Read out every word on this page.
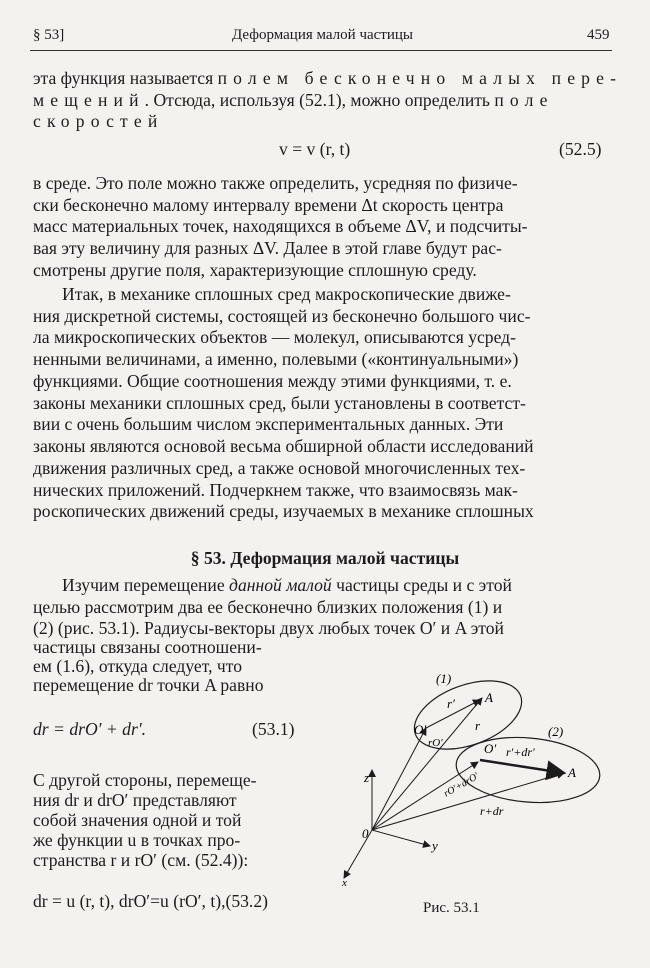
§ 53]	Деформация малой частицы	459
эта функция называется полем бесконечно малых пере-
мещений. Отсюда, используя (52.1), можно определить поле
скоростей
v = v (r, t)	(52.5)
в среде. Это поле можно также определить, усредняя по физиче-
ски бесконечно малому интервалу времени Δt скорость центра
масс материальных точек, находящихся в объеме ΔV, и подсчиты-
вая эту величину для разных ΔV. Далее в этой главе будут рас-
смотрены другие поля, характеризующие сплошную среду.
Итак, в механике сплошных сред макроскопические движе-
ния дискретной системы, состоящей из бесконечно большого чис-
ла микроскопических объектов — молекул, описываются усред-
ненными величинами, а именно, полевыми («континуальными»)
функциями. Общие соотношения между этими функциями, т. е.
законы механики сплошных сред, были установлены в соответст-
вии с очень большим числом экспериментальных данных. Эти
законы являются основой весьма обширной области исследований
движения различных сред, а также основой многочисленных тех-
нических приложений. Подчеркнем также, что взаимосвязь мак-
роскопических движений среды, изучаемых в механике сплошных
§ 53. Деформация малой частицы
Изучим перемещение данной малой частицы среды и с этой
целью рассмотрим два ее бесконечно близких положения (1) и
(2) (рис. 53.1). Радиусы-векторы двух любых точек O′ и A этой
частицы связаны соотношени-
ем (1.6), откуда следует, что
перемещение dr точки A равно
dr = drO′ + dr′.	(53.1)
С другой стороны, перемеще-
ния dr и drO′ представляют
собой значения одной и той
же функции u в точках про-
странства r и rO′ (см. (52.4)):
dr = u (r, t), drO′=u (rO′, t),(53.2)
(1)
(2)
O′
A
r′
r
rO′	O′
A
r′+dr′
rO′+drO′
r+dr
0
z
y
x
Рис. 53.1
